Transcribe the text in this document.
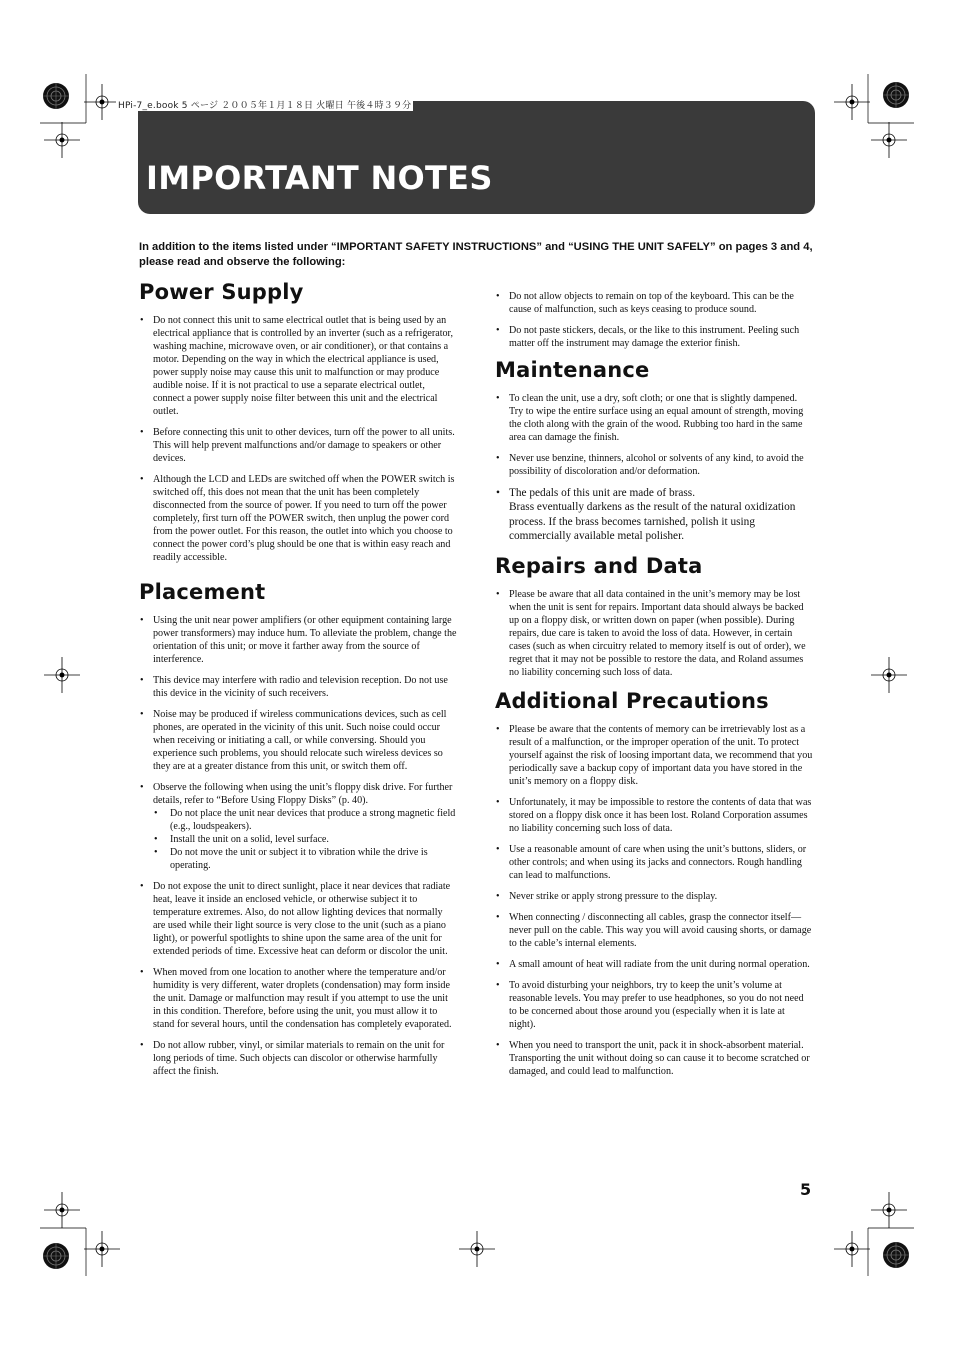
HPi-7_e.book 5 ページ ２００５年１月１８日 火曜日 午後４時３９分
IMPORTANT NOTES

In addition to the items listed under “IMPORTANT SAFETY INSTRUCTIONS” and “USING THE UNIT SAFELY” on pages 3 and 4, please read and observe the following:

Power Supply
• Do not connect this unit to same electrical outlet that is being used by an electrical appliance that is controlled by an inverter (such as a refrigerator, washing machine, microwave oven, or air conditioner), or that contains a motor. Depending on the way in which the electrical appliance is used, power supply noise may cause this unit to malfunction or may produce audible noise. If it is not practical to use a separate electrical outlet, connect a power supply noise filter between this unit and the electrical outlet.
• Before connecting this unit to other devices, turn off the power to all units. This will help prevent malfunctions and/or damage to speakers or other devices.
• Although the LCD and LEDs are switched off when the POWER switch is switched off, this does not mean that the unit has been completely disconnected from the source of power. If you need to turn off the power completely, first turn off the POWER switch, then unplug the power cord from the power outlet. For this reason, the outlet into which you choose to connect the power cord’s plug should be one that is within easy reach and readily accessible.
Placement
• Using the unit near power amplifiers (or other equipment containing large power transformers) may induce hum. To alleviate the problem, change the orientation of this unit; or move it farther away from the source of interference.
• This device may interfere with radio and television reception. Do not use this device in the vicinity of such receivers.
• Noise may be produced if wireless communications devices, such as cell phones, are operated in the vicinity of this unit. Such noise could occur when receiving or initiating a call, or while conversing. Should you experience such problems, you should relocate such wireless devices so they are at a greater distance from this unit, or switch them off.
• Observe the following when using the unit’s floppy disk drive. For further details, refer to “Before Using Floppy Disks” (p. 40).
• Do not place the unit near devices that produce a strong magnetic field (e.g., loudspeakers).
• Install the unit on a solid, level surface.
• Do not move the unit or subject it to vibration while the drive is operating.
• Do not expose the unit to direct sunlight, place it near devices that radiate heat, leave it inside an enclosed vehicle, or otherwise subject it to temperature extremes. Also, do not allow lighting devices that normally are used while their light source is very close to the unit (such as a piano light), or powerful spotlights to shine upon the same area of the unit for extended periods of time. Excessive heat can deform or discolor the unit.
• When moved from one location to another where the temperature and/or humidity is very different, water droplets (condensation) may form inside the unit. Damage or malfunction may result if you attempt to use the unit in this condition. Therefore, before using the unit, you must allow it to stand for several hours, until the condensation has completely evaporated.
• Do not allow rubber, vinyl, or similar materials to remain on the unit for long periods of time. Such objects can discolor or otherwise harmfully affect the finish.
• Do not allow objects to remain on top of the keyboard. This can be the cause of malfunction, such as keys ceasing to produce sound.
• Do not paste stickers, decals, or the like to this instrument. Peeling such matter off the instrument may damage the exterior finish.
Maintenance
• To clean the unit, use a dry, soft cloth; or one that is slightly dampened. Try to wipe the entire surface using an equal amount of strength, moving the cloth along with the grain of the wood. Rubbing too hard in the same area can damage the finish.
• Never use benzine, thinners, alcohol or solvents of any kind, to avoid the possibility of discoloration and/or deformation.
• The pedals of this unit are made of brass.
Brass eventually darkens as the result of the natural oxidization process. If the brass becomes tarnished, polish it using commercially available metal polisher.
Repairs and Data
• Please be aware that all data contained in the unit’s memory may be lost when the unit is sent for repairs. Important data should always be backed up on a floppy disk, or written down on paper (when possible). During repairs, due care is taken to avoid the loss of data. However, in certain cases (such as when circuitry related to memory itself is out of order), we regret that it may not be possible to restore the data, and Roland assumes no liability concerning such loss of data.
Additional Precautions
• Please be aware that the contents of memory can be irretrievably lost as a result of a malfunction, or the improper operation of the unit. To protect yourself against the risk of loosing important data, we recommend that you periodically save a backup copy of important data you have stored in the unit’s memory on a floppy disk.
• Unfortunately, it may be impossible to restore the contents of data that was stored on a floppy disk once it has been lost. Roland Corporation assumes no liability concerning such loss of data.
• Use a reasonable amount of care when using the unit’s buttons, sliders, or other controls; and when using its jacks and connectors. Rough handling can lead to malfunctions.
• Never strike or apply strong pressure to the display.
• When connecting / disconnecting all cables, grasp the connector itself—never pull on the cable. This way you will avoid causing shorts, or damage to the cable’s internal elements.
• A small amount of heat will radiate from the unit during normal operation.
• To avoid disturbing your neighbors, try to keep the unit’s volume at reasonable levels. You may prefer to use headphones, so you do not need to be concerned about those around you (especially when it is late at night).
• When you need to transport the unit, pack it in shock-absorbent material. Transporting the unit without doing so can cause it to become scratched or damaged, and could lead to malfunction.
5
